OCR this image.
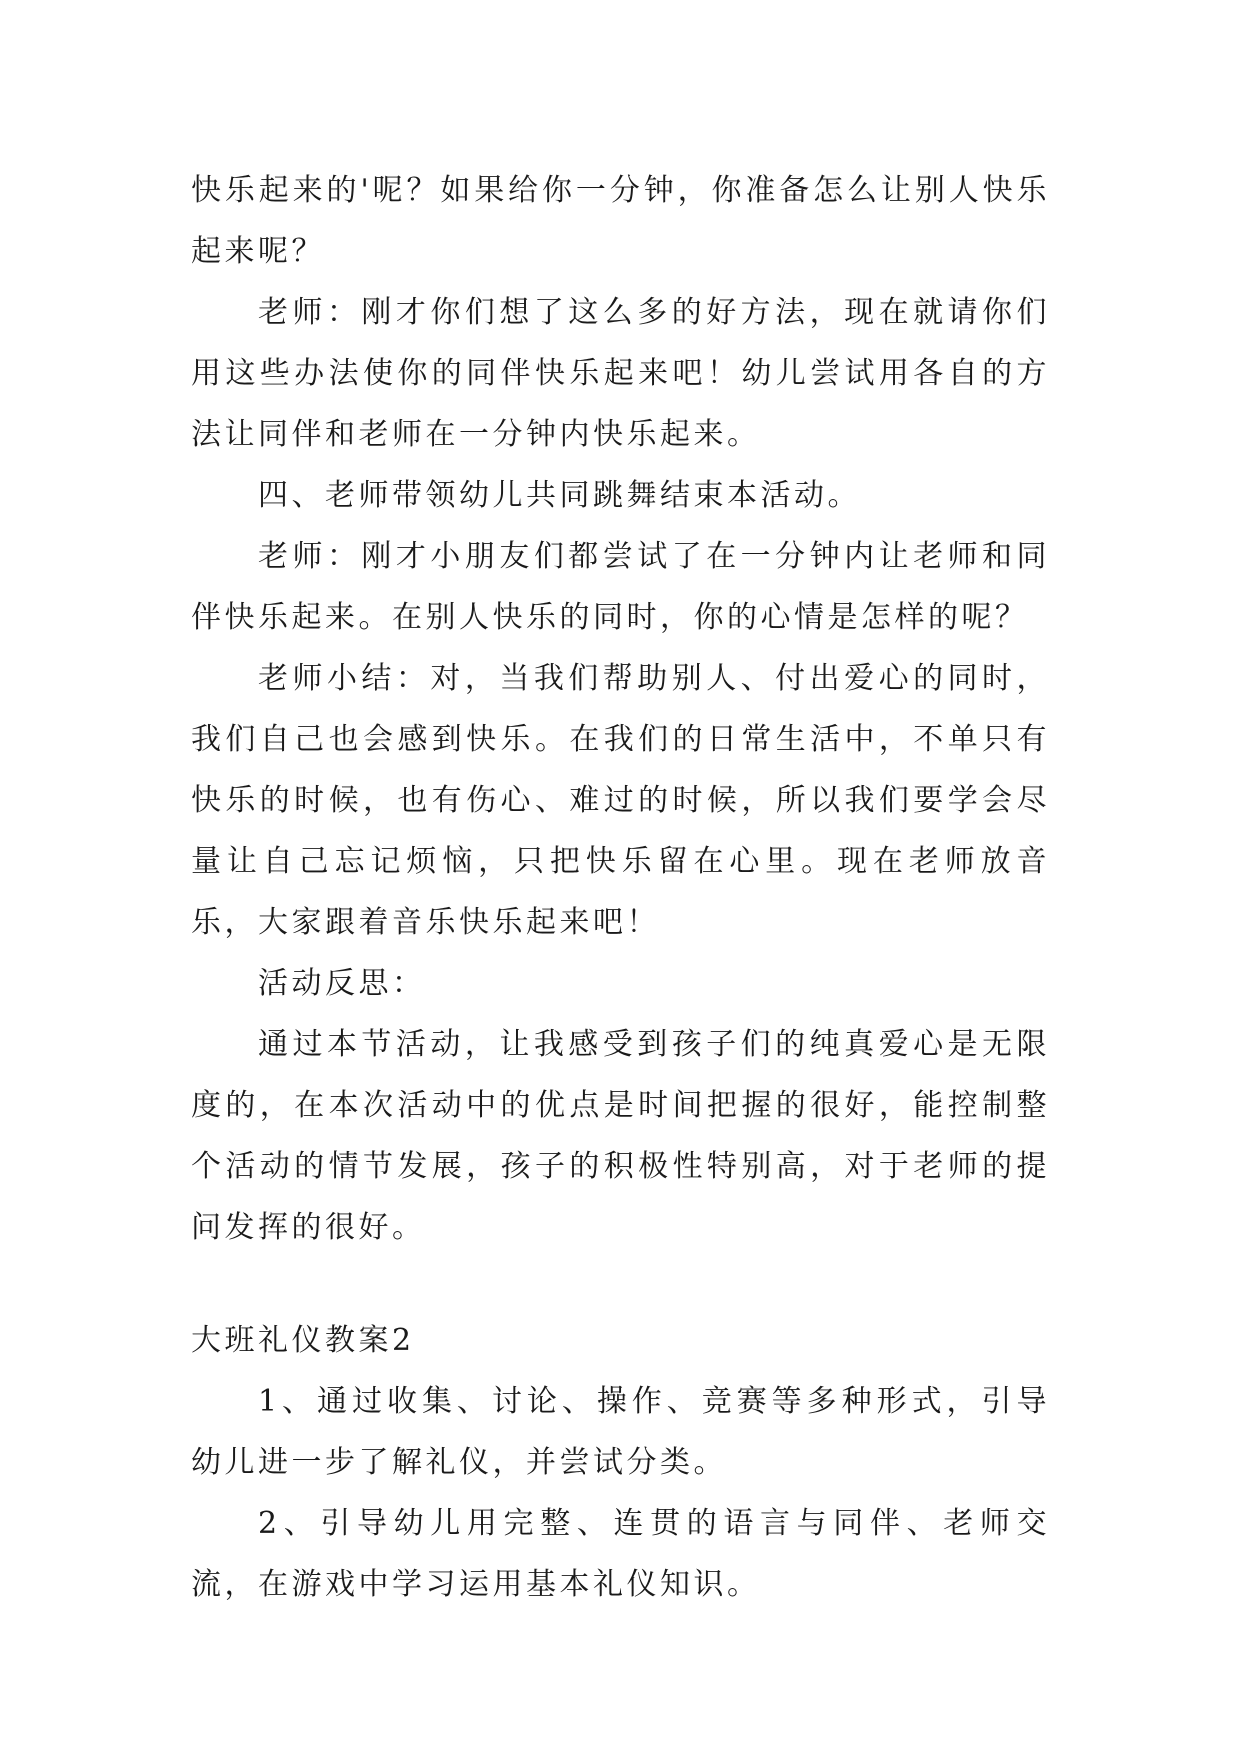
快乐起来的'呢？如果给你一分钟，你准备怎么让别人快乐起来呢？

老师：刚才你们想了这么多的好方法，现在就请你们用这些办法使你的同伴快乐起来吧！幼儿尝试用各自的方法让同伴和老师在一分钟内快乐起来。

四、老师带领幼儿共同跳舞结束本活动。

老师：刚才小朋友们都尝试了在一分钟内让老师和同伴快乐起来。在别人快乐的同时，你的心情是怎样的呢？

老师小结：对，当我们帮助别人、付出爱心的同时，我们自己也会感到快乐。在我们的日常生活中，不单只有快乐的时候，也有伤心、难过的时候，所以我们要学会尽量让自己忘记烦恼，只把快乐留在心里。现在老师放音乐，大家跟着音乐快乐起来吧！

活动反思：

通过本节活动，让我感受到孩子们的纯真爱心是无限度的，在本次活动中的优点是时间把握的很好，能控制整个活动的情节发展，孩子的积极性特别高，对于老师的提问发挥的很好。

大班礼仪教案2

1、通过收集、讨论、操作、竞赛等多种形式，引导幼儿进一步了解礼仪，并尝试分类。

2、引导幼儿用完整、连贯的语言与同伴、老师交流，在游戏中学习运用基本礼仪知识。
